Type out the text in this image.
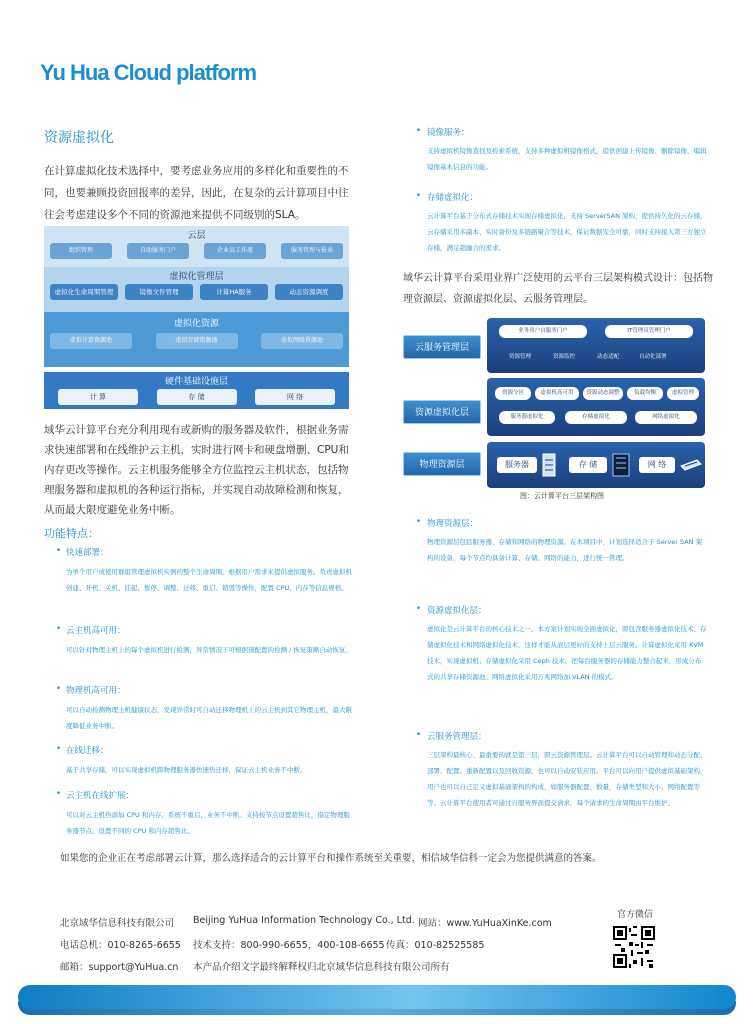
Yu Hua Cloud platform
资源虚拟化
在计算虚拟化技术选择中，要考虑业务应用的多样化和重要性的不同，也要兼顾投资回报率的差异，因此，在复杂的云计算项目中往往会考虑建设多个不同的资源池来提供不同级别的SLA。
云层
组织管理	自助服务门户	企业员工作流	服务管理与报表
虚拟化管理层
虚拟化生命周期管理	镜像文件管理	计算HA服务	动态资源调度
虚拟化资源
虚拟计算资源池	虚拟存储资源池	虚拟网络资源池
硬件基础设施层
计 算	存 储	网 络
域华云计算平台充分利用现有或新购的服务器及软件，根据业务需求快速部署和在线维护云主机，实时进行网卡和硬盘增删、CPU和内存更改等操作。云主机服务能够全方位监控云主机状态，包括物理服务器和虚拟机的各种运行指标，并实现自动故障检测和恢复，从而最大限度避免业务中断。
功能特点：
• 快速部署：
为单个用户或使用群组管理虚拟机实例的整个生命周期，根据用户需求来提供虚拟服务。负责虚拟机创建、开机、关机、挂起、暂停、调整、迁移、重启、销毁等操作，配置 CPU、内存等信息规格。
• 云主机高可用：
可以针对物理主机上的每个虚拟机进行检测，异常情况下可根据预配置的检测 / 恢复策略自动恢复。
• 物理机高可用：
可以自动检测物理主机健康状态，发现异常时可自动迁移物理机上的云主机到其它物理主机，最大限度降低业务中断。
• 在线迁移：
基于共享存储，可以实现虚拟机跨物理服务器快速热迁移，保证云主机业务不中断。
• 云主机在线扩展：
可以对云主机热添加 CPU 和内存，系统不重启，业务不中断。支持按节点设置超售比，指定物理服务器节点，设置不同的 CPU 和内存超售比。
• 镜像服务：
支持虚拟机镜像查找及检索系统，支持多种虚拟机镜像格式，提供创建上传镜像、删除镜像、编辑镜像基本信息的功能。
• 存储虚拟化：
云计算平台基于分布式存储技术实现存储虚拟化，支持 ServerSAN 架构，提供持久化的云存储，云存储采用多副本、实时备份及多链路聚合等技术，保证数据安全可靠，同时支持接入第三方独立存储，满足超融合的需求。
域华云计算平台采用业界广泛使用的云平台三层架构模式设计：包括物理资源层、资源虚拟化层、云服务管理层。
云服务管理层
业务用户自服务门户	IT管理员管理门户
资源管理	资源监控	动态适配	自动化部署
资源虚拟化层
资源分区	虚拟机高可用	资源动态调整	负载均衡	虚拟管理
服务器虚拟化	存储虚拟化	网络虚拟化
物理资源层	服务器	存 储	网 络
图：云计算平台三层架构图
• 物理资源层：
物理资源层包括服务器、存储和网络的物理资源。在本项目中，计划选择适合于 Server SAN 架构的设备，每个节点均具备计算、存储、网络的能力，进行统一管理。
• 资源虚拟化层：
虚拟化是云计算平台的核心技术之一。本方案计划实现全面虚拟化，即包含服务器虚拟化技术、存储虚拟化技术和网络虚拟化技术，这样才能从底层更好的支持上层云服务。计算虚拟化采用 KVM 技术，实现虚拟机；存储虚拟化采用 Ceph 技术，把每台服务器的存储能力整合起来，形成分布式的共享存储资源池；网络虚拟化采用万兆网络加 VLAN 的模式。
• 云服务管理层：
三层架构最核心、最重要的就是第三层，即云资源管理层。云计算平台可以自动管理和动态分配、部署、配置、重新配置以及回收资源，也可以自动安装应用。平台可以向用户提供虚拟基础架构，用户也可以自己定义虚拟基础架构的构成，如服务器配置、数量，存储类型和大小，网络配置等等。云计算平台使用者可通过自服务界面提交请求，每个请求的生命周期由平台维护。
如果您的企业正在考虑部署云计算，那么选择适合的云计算平台和操作系统至关重要，相信域华信科一定会为您提供满意的答案。
北京域华信息科技有限公司 Beijing YuHua Information Technology Co., Ltd. 网站：www.YuHuaXinKe.com
电话总机：010-8265-6655 技术支持：800-990-6655，400-108-6655 传真：010-82525585
邮箱：support@YuHua.cn 本产品介绍文字最终解释权归北京域华信息科技有限公司所有
官方微信
